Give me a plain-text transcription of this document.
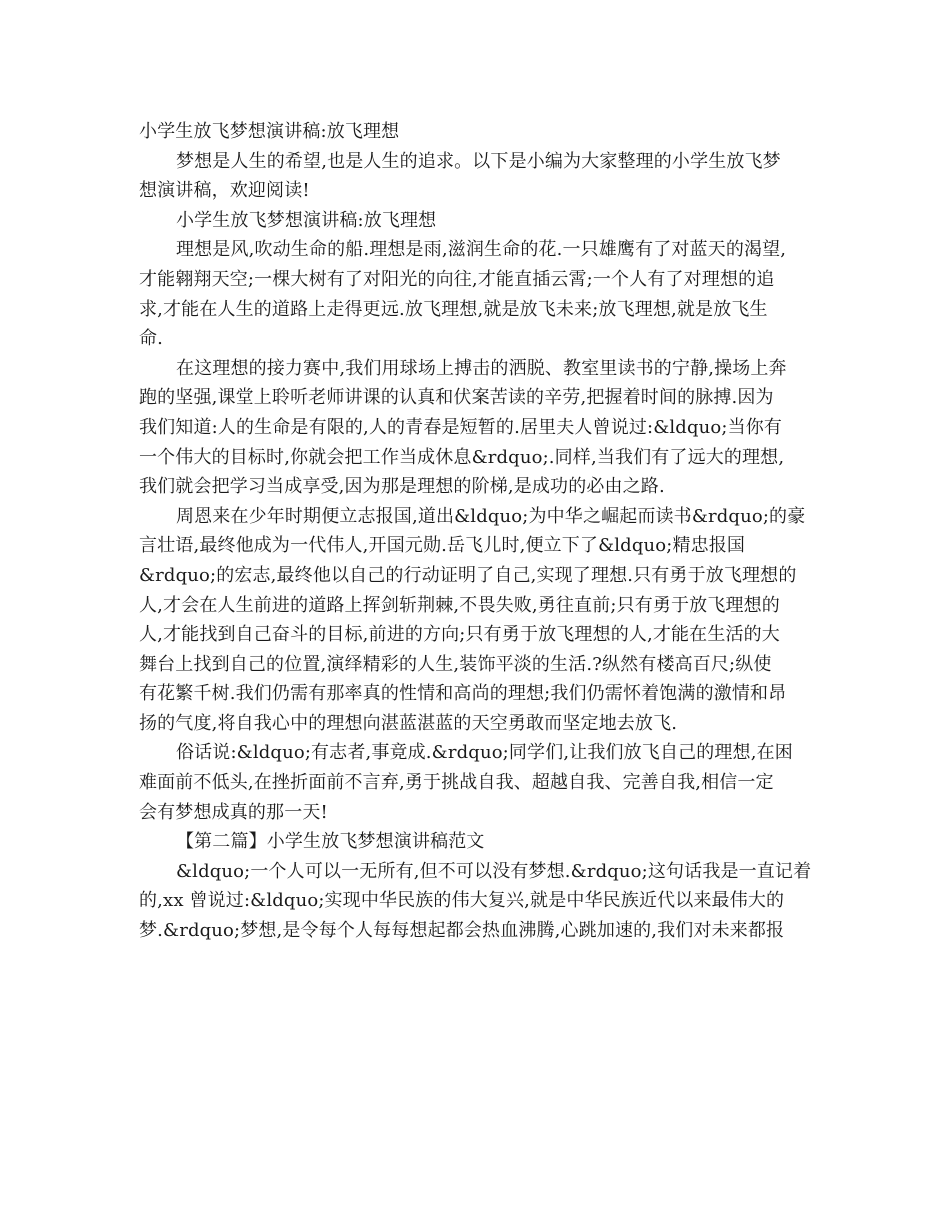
小学生放飞梦想演讲稿:放飞理想

梦想是人生的希望,也是人生的追求。以下是小编为大家整理的小学生放飞梦

想演讲稿，欢迎阅读!

小学生放飞梦想演讲稿:放飞理想

理想是风,吹动生命的船.理想是雨,滋润生命的花.一只雄鹰有了对蓝天的渴望,

才能翱翔天空;一棵大树有了对阳光的向往,才能直插云霄;一个人有了对理想的追

求,才能在人生的道路上走得更远.放飞理想,就是放飞未来;放飞理想,就是放飞生

命.

在这理想的接力赛中,我们用球场上搏击的洒脱、教室里读书的宁静,操场上奔

跑的坚强,课堂上聆听老师讲课的认真和伏案苦读的辛劳,把握着时间的脉搏.因为

我们知道:人的生命是有限的,人的青春是短暂的.居里夫人曾说过:&ldquo;当你有

一个伟大的目标时,你就会把工作当成休息&rdquo;.同样,当我们有了远大的理想,

我们就会把学习当成享受,因为那是理想的阶梯,是成功的必由之路.

周恩来在少年时期便立志报国,道出&ldquo;为中华之崛起而读书&rdquo;的豪

言壮语,最终他成为一代伟人,开国元勋.岳飞儿时,便立下了&ldquo;精忠报国

&rdquo;的宏志,最终他以自己的行动证明了自己,实现了理想.只有勇于放飞理想的

人,才会在人生前进的道路上挥剑斩荆棘,不畏失败,勇往直前;只有勇于放飞理想的

人,才能找到自己奋斗的目标,前进的方向;只有勇于放飞理想的人,才能在生活的大

舞台上找到自己的位置,演绎精彩的人生,装饰平淡的生活.?纵然有楼高百尺;纵使

有花繁千树.我们仍需有那率真的性情和高尚的理想;我们仍需怀着饱满的激情和昂

扬的气度,将自我心中的理想向湛蓝湛蓝的天空勇敢而坚定地去放飞.

俗话说:&ldquo;有志者,事竟成.&rdquo;同学们,让我们放飞自己的理想,在困

难面前不低头,在挫折面前不言弃,勇于挑战自我、超越自我、完善自我,相信一定

会有梦想成真的那一天!

【第二篇】小学生放飞梦想演讲稿范文

&ldquo;一个人可以一无所有,但不可以没有梦想.&rdquo;这句话我是一直记着

的,xx 曾说过:&ldquo;实现中华民族的伟大复兴,就是中华民族近代以来最伟大的

梦.&rdquo;梦想,是令每个人每每想起都会热血沸腾,心跳加速的,我们对未来都报
